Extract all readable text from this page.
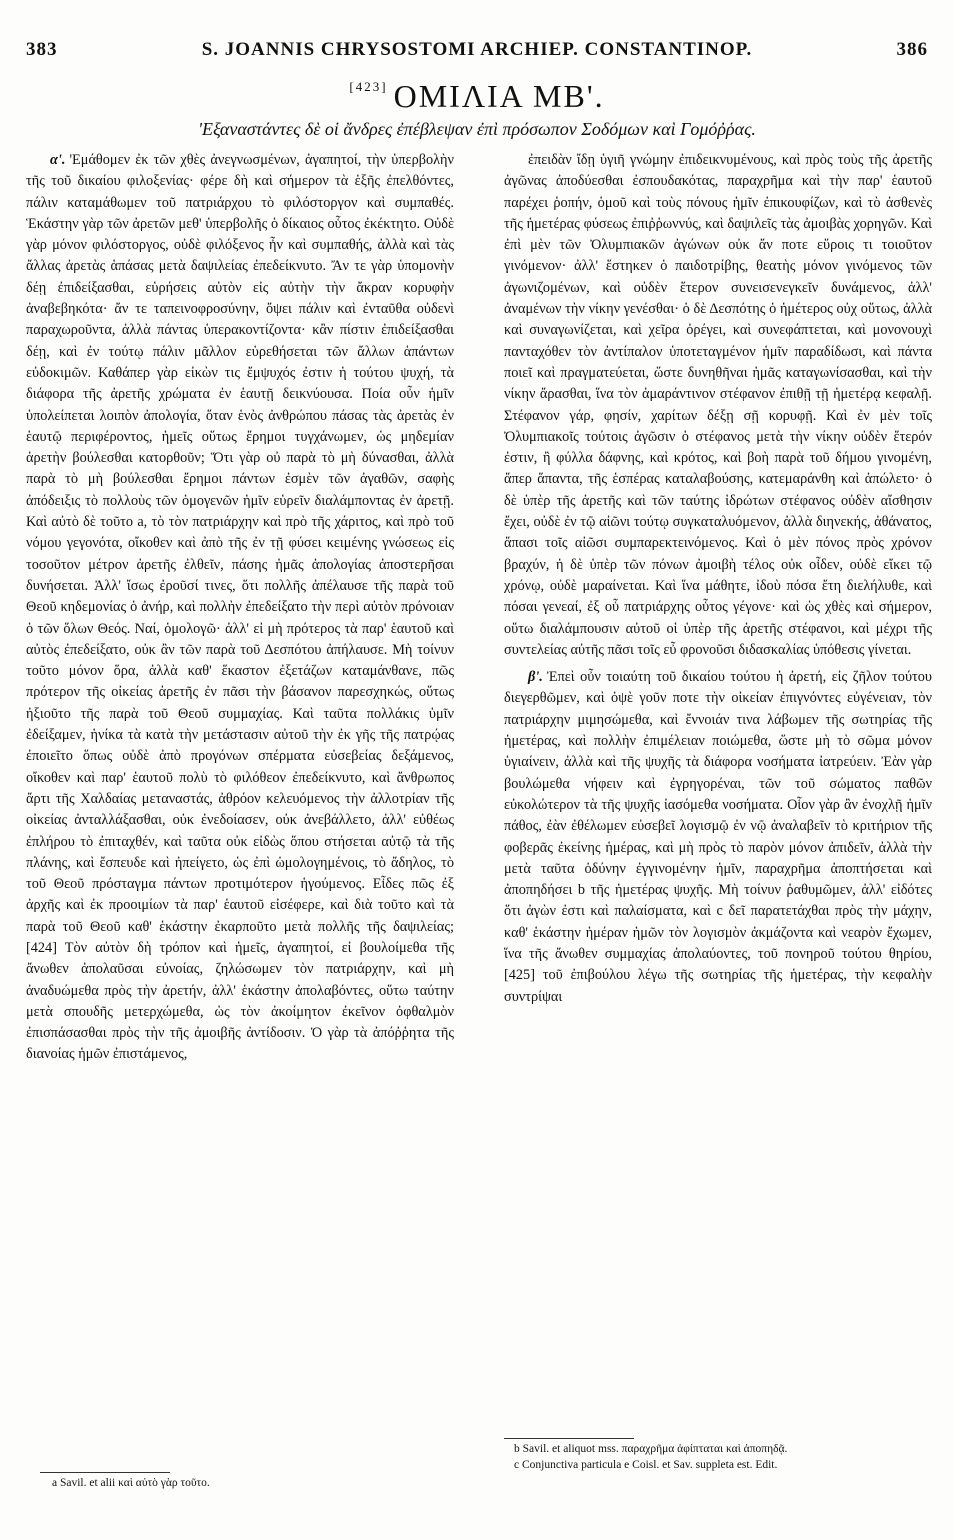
383	S. JOANNIS CHRYSOSTOMI ARCHIEP. CONSTANTINOP.	386
[423] ΟΜΙΛΙΑ ΜΒ'.
'Εξαναστάντες δὲ οἱ ἄνδρες ἐπέβλεψαν ἐπὶ πρόσωπον Σοδόμων καὶ Γομόῤῥας.

α'. 'Εμάθομεν ἐκ τῶν χθὲς ἀνεγνωσμένων, ἀγαπητοί, τὴν ὑπερβολὴν τῆς τοῦ δικαίου φιλοξενίας· φέρε δὴ καὶ σήμερον τὰ ἑξῆς ἐπελθόντες, πάλιν καταμάθωμεν τοῦ πατριάρχου τὸ φιλόστοργον καὶ συμπαθές. Ἑκάστην γὰρ τῶν ἀρετῶν μεθ' ὑπερβολῆς ὁ δίκαιος οὗτος ἐκέκτητο. Οὐδὲ γὰρ μόνον φιλόστοργος, οὐδὲ φιλόξενος ἦν καὶ συμπαθής, ἀλλὰ καὶ τὰς ἄλλας ἀρετὰς ἁπάσας μετὰ δαψιλείας ἐπεδείκνυτο. Ἄν τε γὰρ ὑπομονὴν δέῃ ἐπιδείξασθαι, εὑρήσεις αὐτὸν εἰς αὐτὴν τὴν ἄκραν κορυφὴν ἀναβεβηκότα· ἄν τε ταπεινοφροσύνην, ὄψει πάλιν καὶ ἐνταῦθα οὐδενὶ παραχωροῦντα, ἀλλὰ πάντας ὑπερακοντίζοντα· κἂν πίστιν ἐπιδείξασθαι δέῃ, καὶ ἐν τούτῳ πάλιν μᾶλλον εὑρεθήσεται τῶν ἄλλων ἁπάντων εὐδοκιμῶν. Καθάπερ γὰρ εἰκὼν τις ἔμψυχός ἐστιν ἡ τούτου ψυχή, τὰ διάφορα τῆς ἀρετῆς χρώματα ἐν ἑαυτῇ δεικνύουσα. Ποία οὖν ἡμῖν ὑπολείπεται λοιπὸν ἀπολογία, ὅταν ἑνὸς ἀνθρώπου πάσας τὰς ἀρετὰς ἐν ἑαυτῷ περιφέροντος, ἡμεῖς οὕτως ἔρημοι τυγχάνωμεν, ὡς μηδεμίαν ἀρετὴν βούλεσθαι κατορθοῦν; Ὅτι γὰρ οὐ παρὰ τὸ μὴ δύνασθαι, ἀλλὰ παρὰ τὸ μὴ βούλεσθαι ἔρημοι πάντων ἐσμὲν τῶν ἀγαθῶν, σαφὴς ἀπόδειξις τὸ πολλοὺς τῶν ὁμογενῶν ἡμῖν εὑρεῖν διαλάμποντας ἐν ἀρετῇ. Καὶ αὐτὸ δὲ τοῦτο a, τὸ τὸν πατριάρχην καὶ πρὸ τῆς χάριτος, καὶ πρὸ τοῦ νόμου γεγονότα, οἴκοθεν καὶ ἀπὸ τῆς ἐν τῇ φύσει κειμένης γνώσεως εἰς τοσοῦτον μέτρον ἀρετῆς ἐλθεῖν, πάσης ἡμᾶς ἀπολογίας ἀποστερῆσαι δυνήσεται. Ἀλλ' ἴσως ἐροῦσί τινες, ὅτι πολλῆς ἀπέλαυσε τῆς παρὰ τοῦ Θεοῦ κηδεμονίας ὁ ἀνήρ, καὶ πολλὴν ἐπεδείξατο τὴν περὶ αὐτὸν πρόνοιαν ὁ τῶν ὅλων Θεός. Ναί, ὁμολογῶ· ἀλλ' εἰ μὴ πρότερος τὰ παρ' ἑαυτοῦ καὶ αὐτὸς ἐπεδείξατο, οὐκ ἂν τῶν παρὰ τοῦ Δεσπότου ἀπήλαυσε. Μὴ τοίνυν τοῦτο μόνον ὅρα, ἀλλὰ καθ' ἕκαστον ἐξετάζων καταμάνθανε, πῶς πρότερον τῆς οἰκείας ἀρετῆς ἐν πᾶσι τὴν βάσανον παρεσχηκώς, οὕτως ἠξιοῦτο τῆς παρὰ τοῦ Θεοῦ συμμαχίας. Καὶ ταῦτα πολλάκις ὑμῖν ἐδείξαμεν, ἡνίκα τὰ κατὰ τὴν μετάστασιν αὐτοῦ τὴν ἐκ γῆς τῆς πατρῴας ἐποιεῖτο ὅπως οὐδὲ ἀπὸ προγόνων σπέρματα εὐσεβείας δεξάμενος, οἴκοθεν καὶ παρ' ἑαυτοῦ πολὺ τὸ φιλόθεον ἐπεδείκνυτο, καὶ ἄνθρωπος ἄρτι τῆς Χαλδαίας μεταναστάς, ἀθρόον κελευόμενος τὴν ἀλλοτρίαν τῆς οἰκείας ἀνταλλάξασθαι, οὐκ ἐνεδοίασεν, οὐκ ἀνεβάλλετο, ἀλλ' εὐθέως ἐπλήρου τὸ ἐπιταχθέν, καὶ ταῦτα οὐκ εἰδὼς ὅπου στήσεται αὐτῷ τὰ τῆς πλάνης, καὶ ἔσπευδε καὶ ἠπείγετο, ὡς ἐπὶ ὡμολογημένοις, τὸ ἄδηλος, τὸ τοῦ Θεοῦ πρόσταγμα πάντων προτιμότερον ἡγούμενος. Εἶδες πῶς ἐξ ἀρχῆς καὶ ἐκ προοιμίων τὰ παρ' ἑαυτοῦ εἰσέφερε, καὶ διὰ τοῦτο καὶ τὰ παρὰ τοῦ Θεοῦ καθ' ἑκάστην ἐκαρποῦτο μετὰ πολλῆς τῆς δαψιλείας; [424] Τὸν αὐτὸν δὴ τρόπον καὶ ἡμεῖς, ἀγαπητοί, εἰ βουλοίμεθα τῆς ἄνωθεν ἀπολαῦσαι εὐνοίας, ζηλώσωμεν τὸν πατριάρχην, καὶ μὴ ἀναδυώμεθα πρὸς τὴν ἀρετήν, ἀλλ' ἑκάστην ἀπολαβόντες, οὕτω ταύτην μετὰ σπουδῆς μετερχώμεθα, ὡς τὸν ἀκοίμητον ἐκεῖνον ὀφθαλμὸν ἐπισπάσασθαι πρὸς τὴν τῆς ἀμοιβῆς ἀντίδοσιν. Ὁ γὰρ τὰ ἀπόῤῥητα τῆς διανοίας ἡμῶν ἐπιστάμενος,

ἐπειδὰν ἴδῃ ὑγιῆ γνώμην ἐπιδεικνυμένους, καὶ πρὸς τοὺς τῆς ἀρετῆς ἀγῶνας ἀποδύεσθαι ἐσπουδακότας, παραχρῆμα καὶ τὴν παρ' ἑαυτοῦ παρέχει ῥοπήν, ὁμοῦ καὶ τοὺς πόνους ἡμῖν ἐπικουφίζων, καὶ τὸ ἀσθενὲς τῆς ἡμετέρας φύσεως ἐπιῤῥωννύς, καὶ δαψιλεῖς τὰς ἀμοιβὰς χορηγῶν. Καὶ ἐπὶ μὲν τῶν Ὀλυμπιακῶν ἀγώνων οὐκ ἄν ποτε εὕροις τι τοιοῦτον γινόμενον· ἀλλ' ἕστηκεν ὁ παιδοτρίβης, θεατὴς μόνον γινόμενος τῶν ἀγωνιζομένων, καὶ οὐδὲν ἕτερον συνεισενεγκεῖν δυνάμενος, ἀλλ' ἀναμένων τὴν νίκην γενέσθαι· ὁ δὲ Δεσπότης ὁ ἡμέτερος οὐχ οὕτως, ἀλλὰ καὶ συναγωνίζεται, καὶ χεῖρα ὀρέγει, καὶ συνεφάπτεται, καὶ μονονουχὶ πανταχόθεν τὸν ἀντίπαλον ὑποτεταγμένον ἡμῖν παραδίδωσι, καὶ πάντα ποιεῖ καὶ πραγματεύεται, ὥστε δυνηθῆναι ἡμᾶς καταγωνίσασθαι, καὶ τὴν νίκην ἄρασθαι, ἵνα τὸν ἀμαράντινον στέφανον ἐπιθῇ τῇ ἡμετέρᾳ κεφαλῇ. Στέφανον γάρ, φησίν, χαρίτων δέξῃ σῇ κορυφῇ. Καὶ ἐν μὲν τοῖς Ὀλυμπιακοῖς τούτοις ἀγῶσιν ὁ στέφανος μετὰ τὴν νίκην οὐδὲν ἕτερόν ἐστιν, ἢ φύλλα δάφνης, καὶ κρότος, καὶ βοὴ παρὰ τοῦ δήμου γινομένη, ἅπερ ἅπαντα, τῆς ἑσπέρας καταλαβούσης, κατεμαράνθη καὶ ἀπώλετο· ὁ δὲ ὑπὲρ τῆς ἀρετῆς καὶ τῶν ταύτης ἱδρώτων στέφανος οὐδὲν αἴσθησιν ἔχει, οὐδὲ ἐν τῷ αἰῶνι τούτῳ συγκαταλυόμενον, ἀλλὰ διηνεκής, ἀθάνατος, ἅπασι τοῖς αἰῶσι συμπαρεκτεινόμενος. Καὶ ὁ μὲν πόνος πρὸς χρόνον βραχύν, ἡ δὲ ὑπὲρ τῶν πόνων ἀμοιβὴ τέλος οὐκ οἶδεν, οὐδὲ εἴκει τῷ χρόνῳ, οὐδὲ μαραίνεται. Καὶ ἵνα μάθητε, ἰδοὺ πόσα ἔτη διελήλυθε, καὶ πόσαι γενεαί, ἐξ οὗ πατριάρχης οὗτος γέγονε· καὶ ὡς χθὲς καὶ σήμερον, οὕτω διαλάμπουσιν αὐτοῦ οἱ ὑπὲρ τῆς ἀρετῆς στέφανοι, καὶ μέχρι τῆς συντελείας αὐτῆς πᾶσι τοῖς εὖ φρονοῦσι διδασκαλίας ὑπόθεσις γίνεται.

β'. Ἐπεὶ οὖν τοιαύτη τοῦ δικαίου τούτου ἡ ἀρετή, εἰς ζῆλον τούτου διεγερθῶμεν, καὶ ὀψὲ γοῦν ποτε τὴν οἰκείαν ἐπιγνόντες εὐγένειαν, τὸν πατριάρχην μιμησώμεθα, καὶ ἔννοιάν τινα λάβωμεν τῆς σωτηρίας τῆς ἡμετέρας, καὶ πολλὴν ἐπιμέλειαν ποιώμεθα, ὥστε μὴ τὸ σῶμα μόνον ὑγιαίνειν, ἀλλὰ καὶ τῆς ψυχῆς τὰ διάφορα νοσήματα ἰατρεύειν. Ἐὰν γὰρ βουλώμεθα νήφειν καὶ ἐγρηγορέναι, τῶν τοῦ σώματος παθῶν εὐκολώτερον τὰ τῆς ψυχῆς ἰασόμεθα νοσήματα. Οἷον γὰρ ἂν ἐνοχλῇ ἡμῖν πάθος, ἐὰν ἐθέλωμεν εὐσεβεῖ λογισμῷ ἐν νῷ ἀναλαβεῖν τὸ κριτήριον τῆς φοβερᾶς ἐκείνης ἡμέρας, καὶ μὴ πρὸς τὸ παρὸν μόνον ἀπιδεῖν, ἀλλὰ τὴν μετὰ ταῦτα ὀδύνην ἐγγινομένην ἡμῖν, παραχρῆμα ἀποπτήσεται καὶ ἀποπηδήσει b τῆς ἡμετέρας ψυχῆς. Μὴ τοίνυν ῥαθυμῶμεν, ἀλλ' εἰδότες ὅτι ἀγὼν ἐστι καὶ παλαίσματα, καὶ c δεῖ παρατετάχθαι πρὸς τὴν μάχην, καθ' ἑκάστην ἡμέραν ἡμῶν τὸν λογισμὸν ἀκμάζοντα καὶ νεαρὸν ἔχωμεν, ἵνα τῆς ἄνωθεν συμμαχίας ἀπολαύοντες, τοῦ πονηροῦ τούτου θηρίου, [425] τοῦ ἐπιβούλου λέγω τῆς σωτηρίας τῆς ἡμετέρας, τὴν κεφαλὴν συντρίψαι

a Savil. et alii καὶ αὐτὸ γὰρ τοῦτο.
b Savil. et aliquot mss. παραχρῆμα ἀφίπταται καὶ ἀποπηδᾷ.
c Conjunctiva particula e Coisl. et Sav. suppleta est. Edit.
